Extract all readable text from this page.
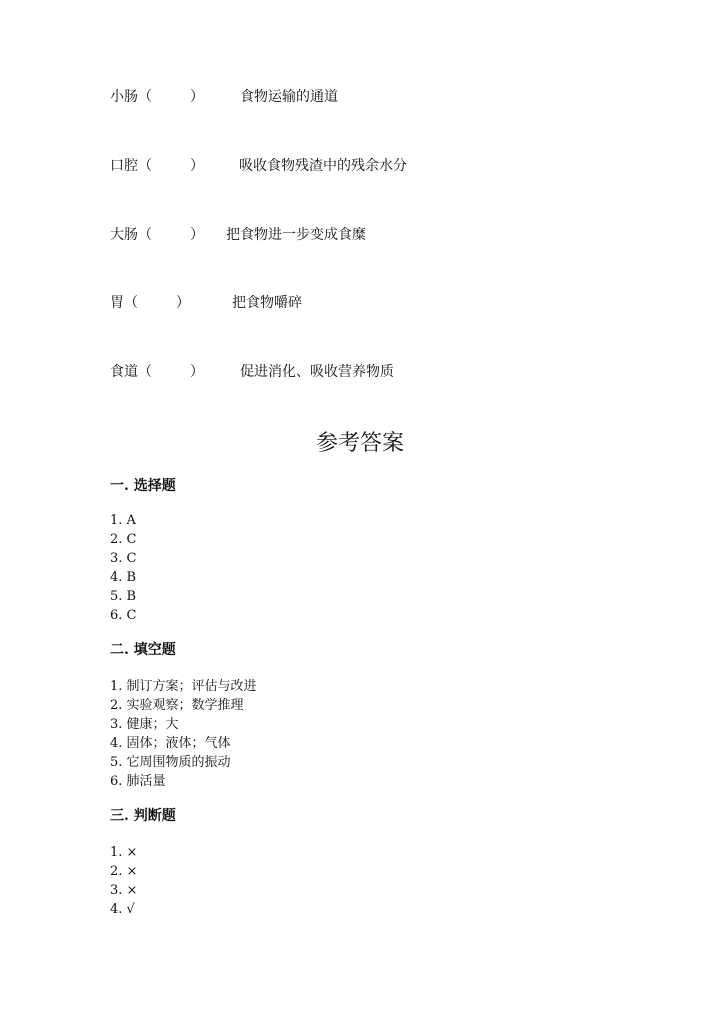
小肠（	）	食物运输的通道
口腔（	）	吸收食物残渣中的残余水分
大肠（	） 把食物进一步变成食糜
胃（	）	把食物嚼碎
食道（	）	促进消化、吸收营养物质
参考答案
一. 选择题
1. A
2. C
3. C
4. B
5. B
6. C
二. 填空题
1. 制订方案；评估与改进
2. 实验观察；数学推理
3. 健康；大
4. 固体；液体；气体
5. 它周围物质的振动
6. 肺活量
三. 判断题
1. ×
2. ×
3. ×
4. √
